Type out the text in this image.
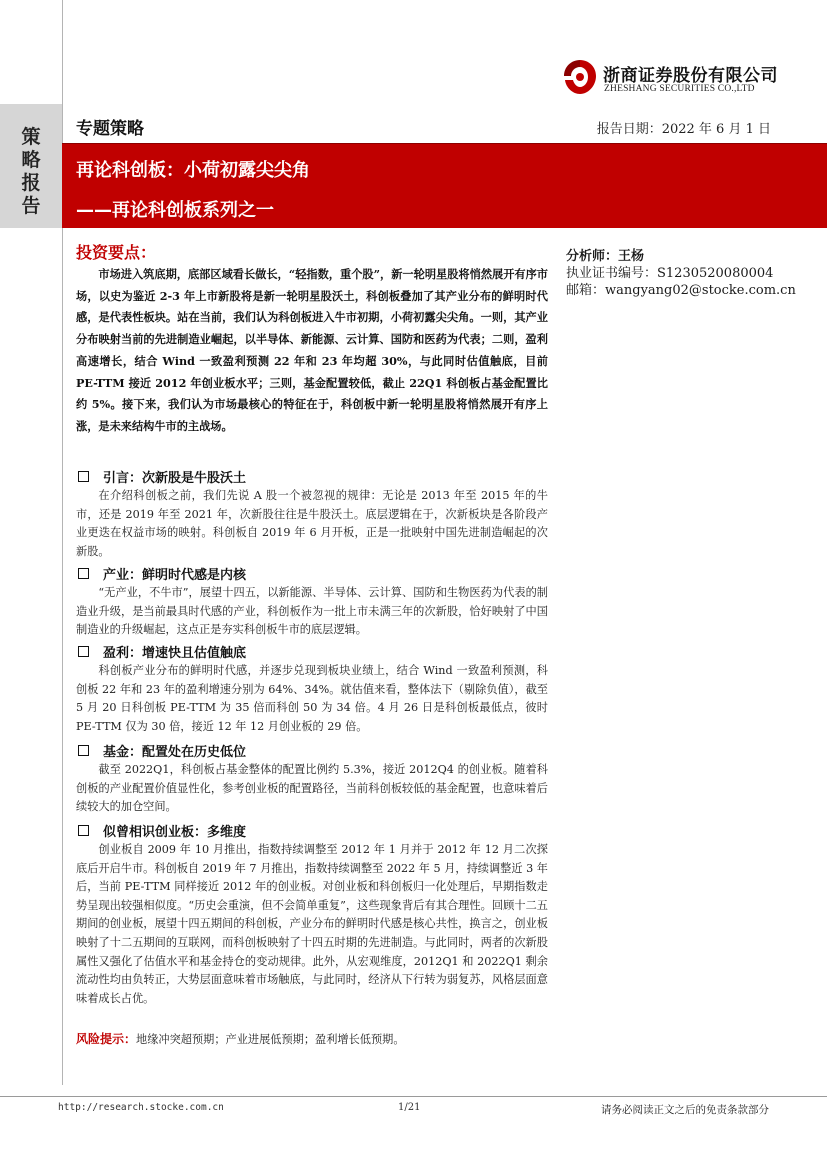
浙商证券股份有限公司
ZHESHANG SECURITIES CO.,LTD
策
略
报
告
专题策略	报告日期：2022 年 6 月 1 日
再论科创板：小荷初露尖尖角
——再论科创板系列之一
分析师：王杨
执业证书编号：S1230520080004
邮箱：wangyang02@stocke.com.cn
投资要点：

市场进入筑底期，底部区域看长做长，“轻指数，重个股”，新一轮明星股将悄然展开有序市场，以史为鉴近 2-3 年上市新股将是新一轮明星股沃土，科创板叠加了其产业分布的鲜明时代感，是代表性板块。站在当前，我们认为科创板进入牛市初期，小荷初露尖尖角。一则，其产业分布映射当前的先进制造业崛起，以半导体、新能源、云计算、国防和医药为代表；二则，盈利高速增长，结合 Wind 一致盈利预测 22 年和 23 年均超 30%，与此同时估值触底，目前 PE-TTM 接近 2012 年创业板水平；三则，基金配置较低，截止 22Q1 科创板占基金配置比约 5%。接下来，我们认为市场最核心的特征在于，科创板中新一轮明星股将悄然展开有序上涨，是未来结构牛市的主战场。

引言：次新股是牛股沃土

在介绍科创板之前，我们先说 A 股一个被忽视的规律：无论是 2013 年至 2015 年的牛市，还是 2019 年至 2021 年，次新股往往是牛股沃土。底层逻辑在于，次新板块是各阶段产业更迭在权益市场的映射。科创板自 2019 年 6 月开板，正是一批映射中国先进制造崛起的次新股。

产业：鲜明时代感是内核

“无产业，不牛市”，展望十四五，以新能源、半导体、云计算、国防和生物医药为代表的制造业升级，是当前最具时代感的产业，科创板作为一批上市未满三年的次新股，恰好映射了中国制造业的升级崛起，这点正是夯实科创板牛市的底层逻辑。

盈利：增速快且估值触底

科创板产业分布的鲜明时代感，并逐步兑现到板块业绩上，结合 Wind 一致盈利预测，科创板 22 年和 23 年的盈利增速分别为 64%、34%。就估值来看，整体法下（剔除负值），截至 5 月 20 日科创板 PE-TTM 为 35 倍而科创 50 为 34 倍。4 月 26 日是科创板最低点，彼时 PE-TTM 仅为 30 倍，接近 12 年 12 月创业板的 29 倍。

基金：配置处在历史低位

截至 2022Q1，科创板占基金整体的配置比例约 5.3%，接近 2012Q4 的创业板。随着科创板的产业配置价值显性化，参考创业板的配置路径，当前科创板较低的基金配置，也意味着后续较大的加仓空间。

似曾相识创业板：多维度

创业板自 2009 年 10 月推出，指数持续调整至 2012 年 1 月并于 2012 年 12 月二次探底后开启牛市。科创板自 2019 年 7 月推出，指数持续调整至 2022 年 5 月，持续调整近 3 年后，当前 PE-TTM 同样接近 2012 年的创业板。对创业板和科创板归一化处理后，早期指数走势呈现出较强相似度。“历史会重演，但不会简单重复”，这些现象背后有其合理性。回顾十二五期间的创业板，展望十四五期间的科创板，产业分布的鲜明时代感是核心共性，换言之，创业板映射了十二五期间的互联网，而科创板映射了十四五时期的先进制造。与此同时，两者的次新股属性又强化了估值水平和基金持仓的变动规律。此外，从宏观维度，2012Q1 和 2022Q1 剩余流动性均由负转正，大势层面意味着市场触底，与此同时，经济从下行转为弱复苏，风格层面意味着成长占优。

风险提示：地缘冲突超预期；产业进展低预期；盈利增长低预期。
http://research.stocke.com.cn	1/21	请务必阅读正文之后的免责条款部分
